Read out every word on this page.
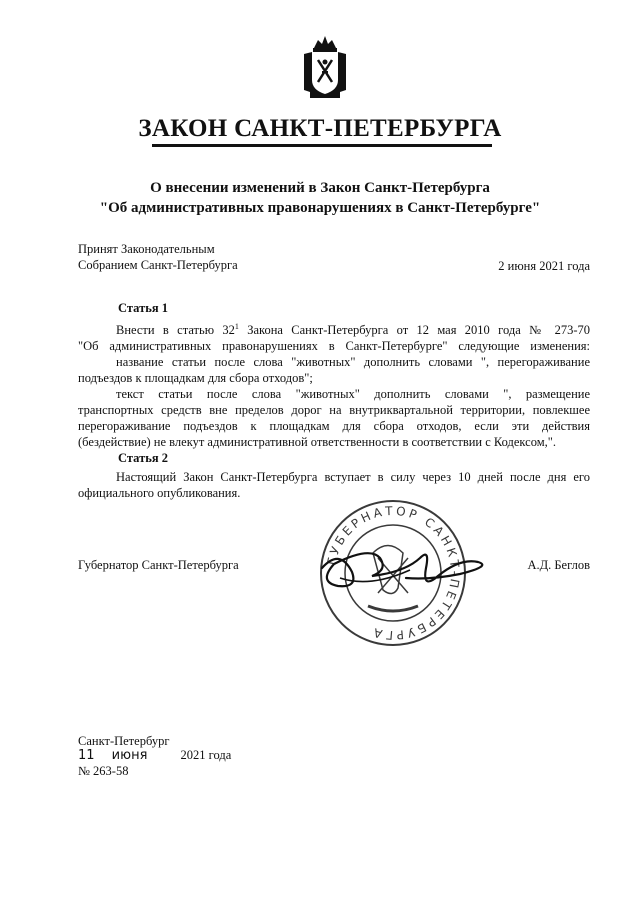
ЗАКОН САНКТ-ПЕТЕРБУРГА
О внесении изменений в Закон Санкт-Петербурга
"Об административных правонарушениях в Санкт-Петербурге"
Принят Законодательным
Собранием Санкт-Петербурга	2 июня 2021 года
Статья 1
Внести в статью $32^1$ Закона Санкт-Петербурга от 12 мая 2010 года № 273-70
"Об административных правонарушениях в Санкт-Петербурге" следующие изменения:
название статьи после слова "животных" дополнить словами ", перегораживание
подъездов к площадкам для сбора отходов";
текст статьи после слова "животных" дополнить словами ", размещение
транспортных средств вне пределов дорог на внутриквартальной территории, повлекшее
перегораживание подъездов к площадкам для сбора отходов, если эти действия
(бездействие) не влекут административной ответственности в соответствии с Кодексом,".
Статья 2
Настоящий Закон Санкт-Петербурга вступает в силу через 10 дней после дня его
официального опубликования.
ГУБЕРНАТОР САНКТ-ПЕТЕРБУРГА
Губернатор Санкт-Петербурга	А.Д. Беглов
Санкт-Петербург
11 июня	2021 года
№ 263-58
